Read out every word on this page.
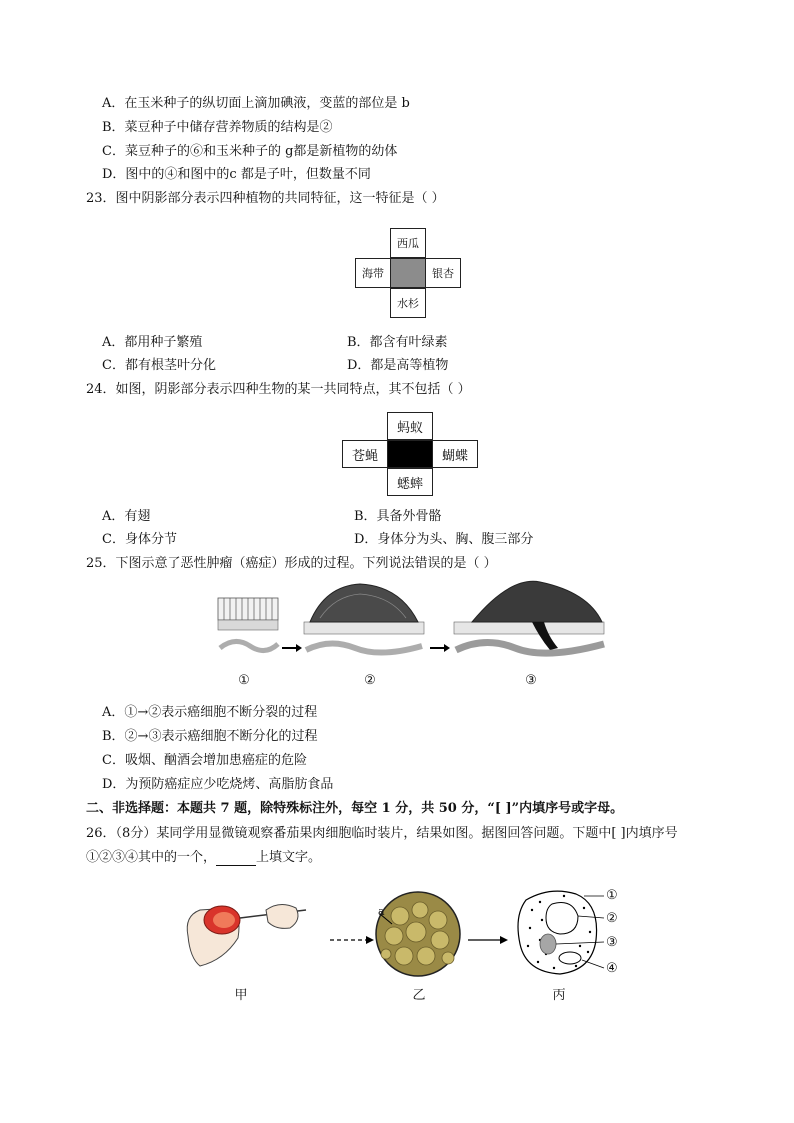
A．在玉米种子的纵切面上滴加碘液，变蓝的部位是 b
B．菜豆种子中储存营养物质的结构是②
C．菜豆种子的⑥和玉米种子的 g都是新植物的幼体
D．图中的④和图中的c 都是子叶，但数量不同
23．图中阴影部分表示四种植物的共同特征，这一特征是（ ）
西瓜
海带	银杏
水杉
A．都用种子繁殖	B．都含有叶绿素
C．都有根茎叶分化	D．都是高等植物
24．如图，阴影部分表示四种生物的某一共同特点，其不包括（ ）
蚂蚁
苍蝇	蝴蝶
蟋蟀
A．有翅	B．具备外骨骼
C．身体分节	D．身体分为头、胸、腹三部分
25．下图示意了恶性肿瘤（癌症）形成的过程。下列说法错误的是（ ）
①	②	③
A．①→②表示癌细胞不断分裂的过程
B．②→③表示癌细胞不断分化的过程
C．吸烟、酗酒会增加患癌症的危险
D．为预防癌症应少吃烧烤、高脂肪食品
二、非选择题：本题共 7 题，除特殊标注外，每空 1 分，共 50 分，“[ ]”内填序号或字母。
26．（8分）某同学用显微镜观察番茄果肉细胞临时装片，结果如图。据图回答问题。下题中[ ]内填序号
①②③④其中的一个，	上填文字。
a
①
②
③
④
甲	乙	丙
